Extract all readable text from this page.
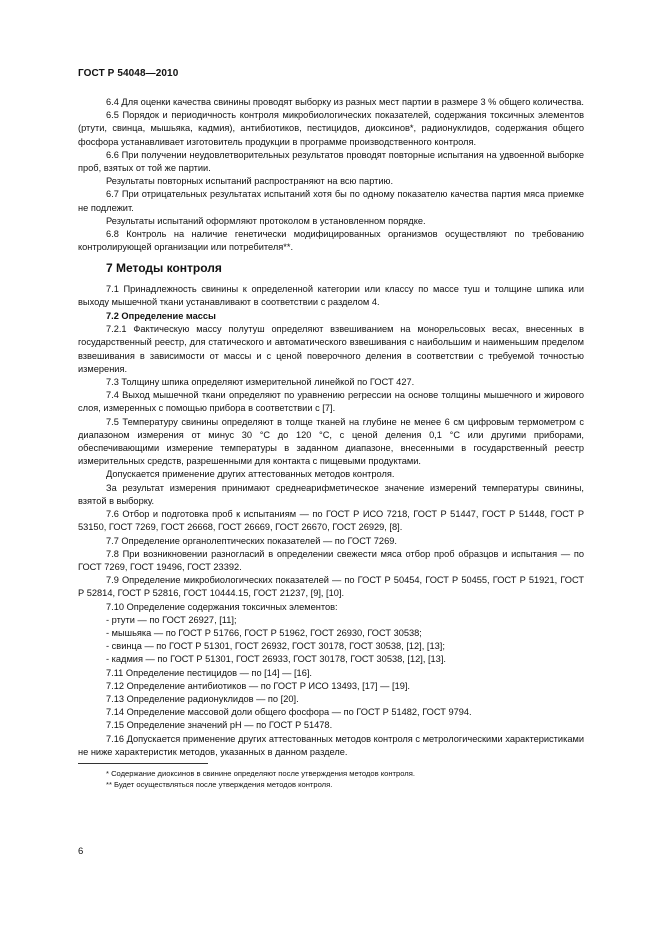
ГОСТ Р 54048—2010

6.4 Для оценки качества свинины проводят выборку из разных мест партии в размере 3 % общего количества.

6.5 Порядок и периодичность контроля микробиологических показателей, содержания токсичных элементов (ртути, свинца, мышьяка, кадмия), антибиотиков, пестицидов, диоксинов*, радионуклидов, содержания общего фосфора устанавливает изготовитель продукции в программе производственного контроля.

6.6 При получении неудовлетворительных результатов проводят повторные испытания на удвоенной выборке проб, взятых от той же партии.

Результаты повторных испытаний распространяют на всю партию.

6.7 При отрицательных результатах испытаний хотя бы по одному показателю качества партия мяса приемке не подлежит.

Результаты испытаний оформляют протоколом в установленном порядке.

6.8 Контроль на наличие генетически модифицированных организмов осуществляют по требованию контролирующей организации или потребителя**.

7 Методы контроля

7.1 Принадлежность свинины к определенной категории или классу по массе туш и толщине шпика или выходу мышечной ткани устанавливают в соответствии с разделом 4.

7.2 Определение массы

7.2.1 Фактическую массу полутуш определяют взвешиванием на монорельсовых весах, внесенных в государственный реестр, для статического и автоматического взвешивания с наибольшим и наименьшим пределом взвешивания в зависимости от массы и с ценой поверочного деления в соответствии с требуемой точностью измерения.

7.3 Толщину шпика определяют измерительной линейкой по ГОСТ 427.

7.4 Выход мышечной ткани определяют по уравнению регрессии на основе толщины мышечного и жирового слоя, измеренных с помощью прибора в соответствии с [7].

7.5 Температуру свинины определяют в толще тканей на глубине не менее 6 см цифровым термометром с диапазоном измерения от минус 30 °С до 120 °С, с ценой деления 0,1 °С или другими приборами, обеспечивающими измерение температуры в заданном диапазоне, внесенными в государственный реестр измерительных средств, разрешенными для контакта с пищевыми продуктами.

Допускается применение других аттестованных методов контроля.

За результат измерения принимают среднеарифметическое значение измерений температуры свинины, взятой в выборку.

7.6 Отбор и подготовка проб к испытаниям — по ГОСТ Р ИСО 7218, ГОСТ Р 51447, ГОСТ Р 51448, ГОСТ Р 53150, ГОСТ 7269, ГОСТ 26668, ГОСТ 26669, ГОСТ 26670, ГОСТ 26929, [8].

7.7 Определение органолептических показателей — по ГОСТ 7269.

7.8 При возникновении разногласий в определении свежести мяса отбор проб образцов и испытания — по ГОСТ 7269, ГОСТ 19496, ГОСТ 23392.

7.9 Определение микробиологических показателей — по ГОСТ Р 50454, ГОСТ Р 50455, ГОСТ Р 51921, ГОСТ Р 52814, ГОСТ Р 52816, ГОСТ 10444.15, ГОСТ 21237, [9], [10].

7.10 Определение содержания токсичных элементов:

- ртути — по ГОСТ 26927, [11];

- мышьяка — по ГОСТ Р 51766, ГОСТ Р 51962, ГОСТ 26930, ГОСТ 30538;

- свинца — по ГОСТ Р 51301, ГОСТ 26932, ГОСТ 30178, ГОСТ 30538, [12], [13];

- кадмия — по ГОСТ Р 51301, ГОСТ 26933, ГОСТ 30178, ГОСТ 30538, [12], [13].

7.11 Определение пестицидов — по [14] — [16].

7.12 Определение антибиотиков — по ГОСТ Р ИСО 13493, [17] — [19].

7.13 Определение радионуклидов — по [20].

7.14 Определение массовой доли общего фосфора — по ГОСТ Р 51482, ГОСТ 9794.

7.15 Определение значений рН — по ГОСТ Р 51478.

7.16 Допускается применение других аттестованных методов контроля с метрологическими характеристиками не ниже характеристик методов, указанных в данном разделе.

* Содержание диоксинов в свинине определяют после утверждения методов контроля.

** Будет осуществляться после утверждения методов контроля.

6
